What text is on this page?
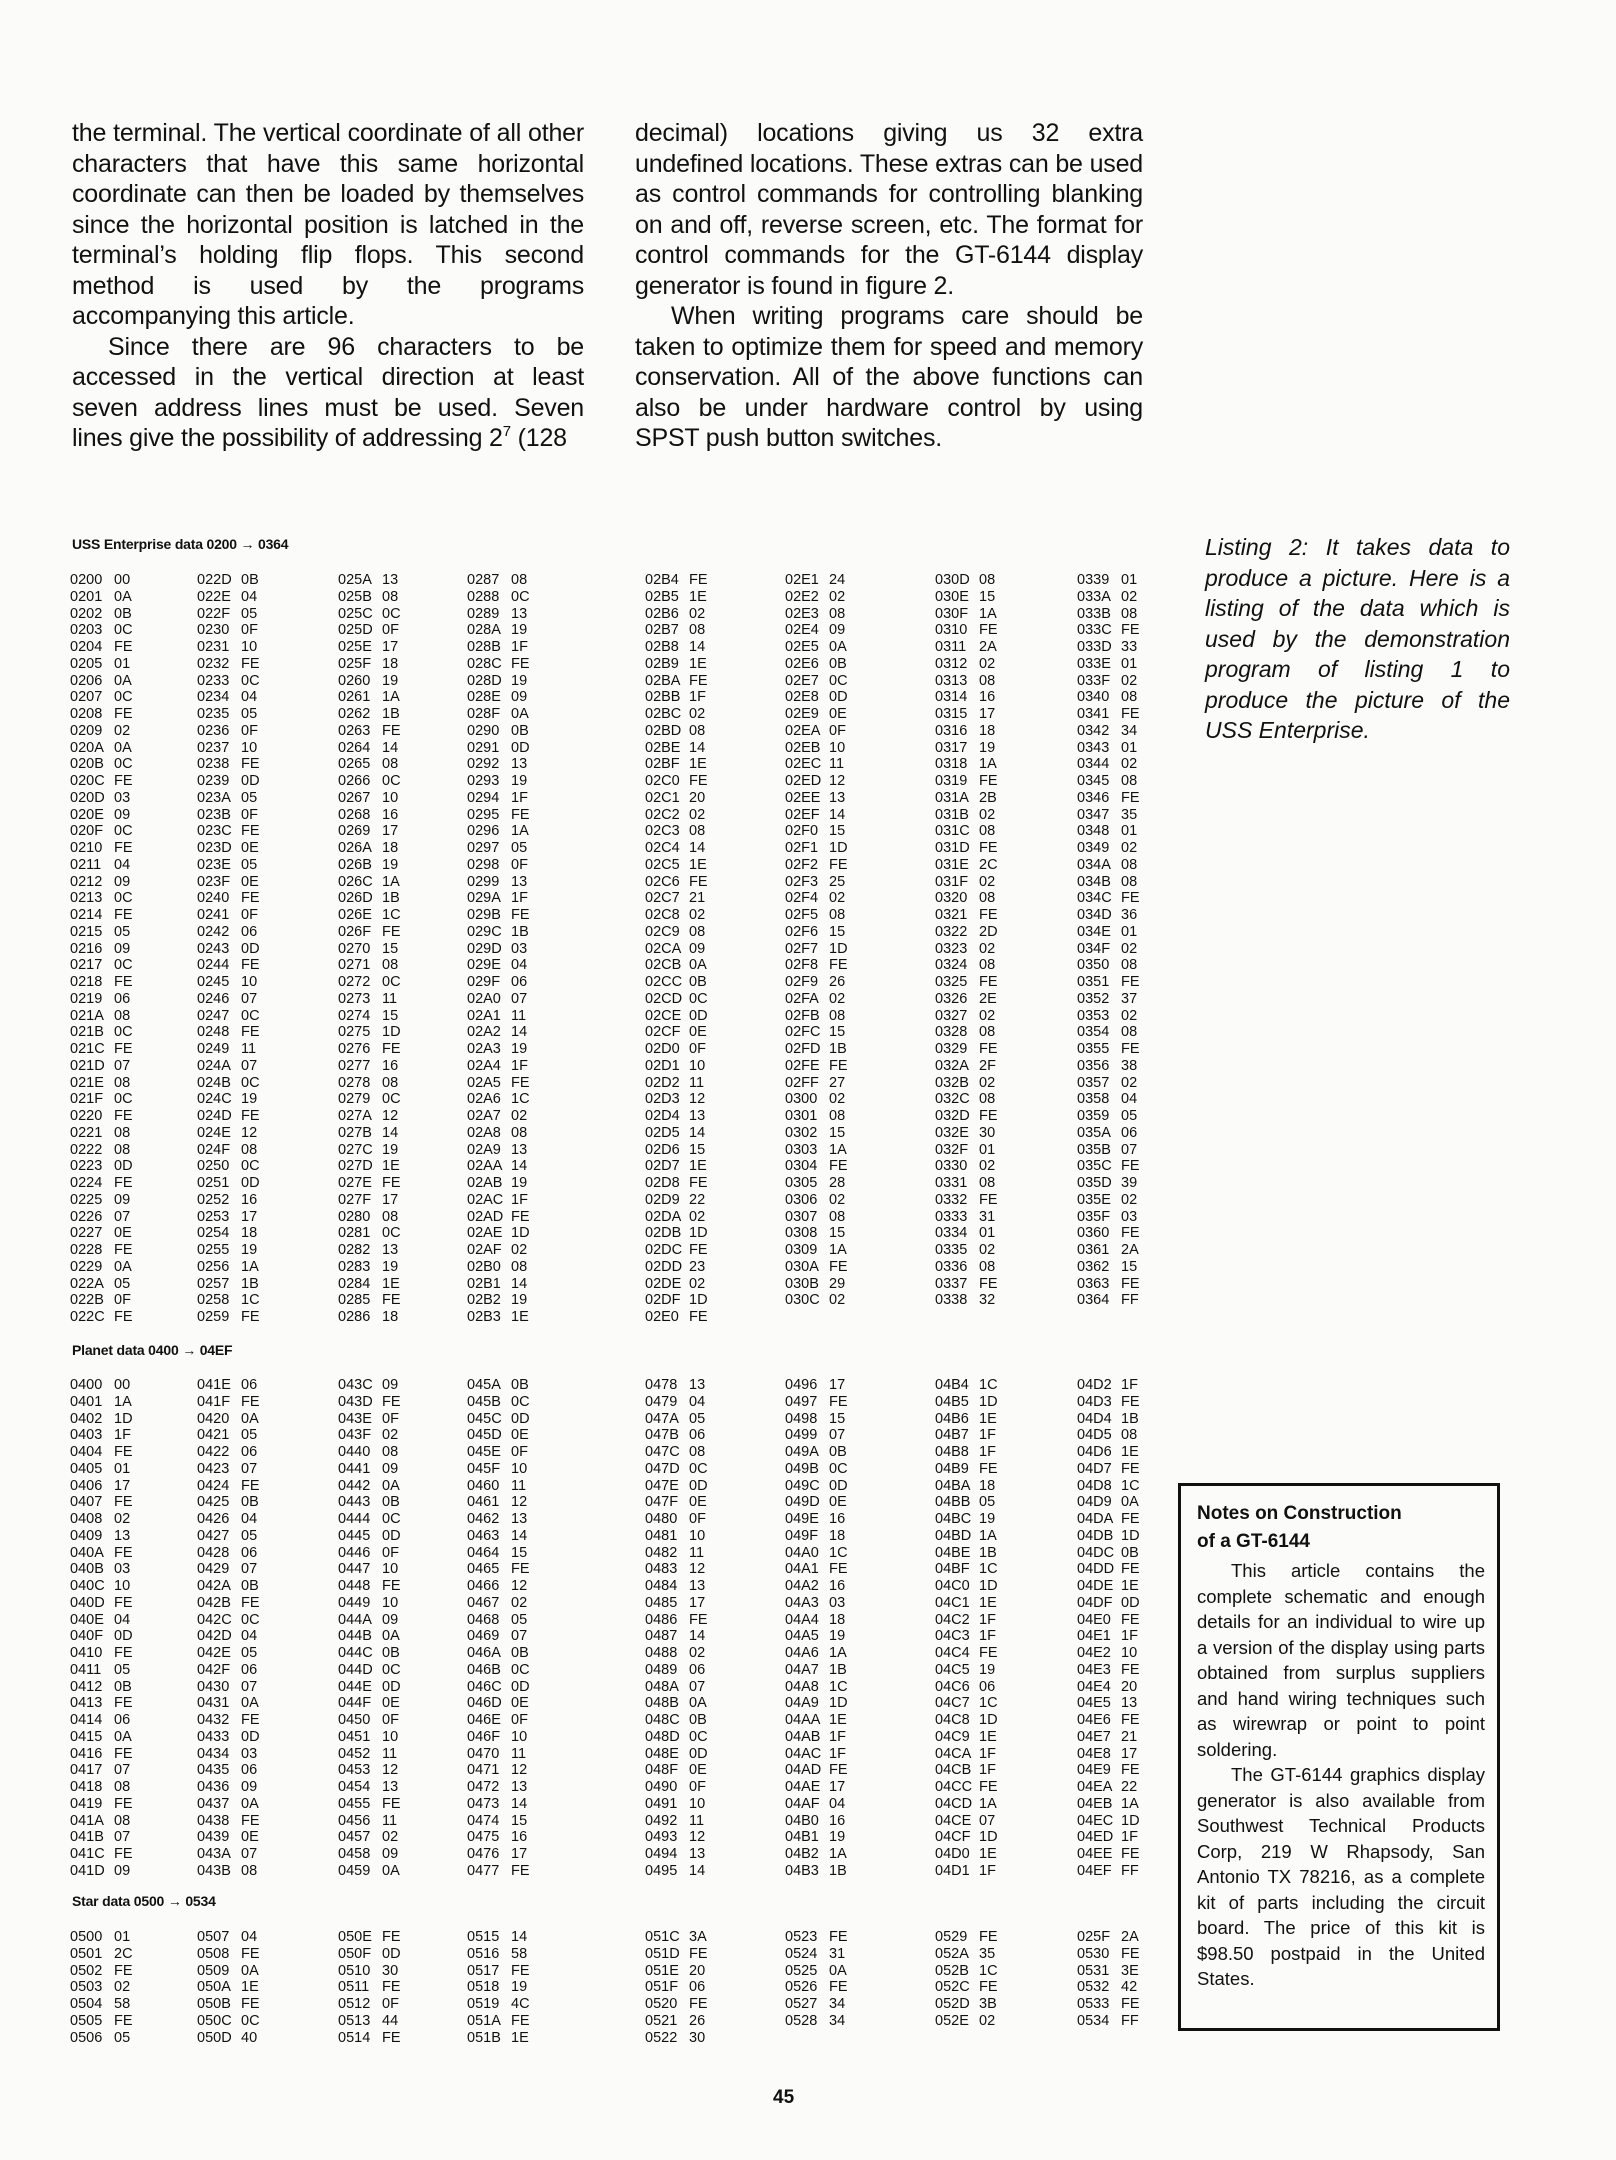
the terminal. The vertical coordinate of all other characters that have this same horizontal coordinate can then be loaded by themselves since the horizontal position is latched in the terminal’s holding flip flops. This second method is used by the programs accompanying this article.

Since there are 96 characters to be accessed in the vertical direction at least seven address lines must be used. Seven lines give the possibility of addressing $2^7$ (128

decimal) locations giving us 32 extra undefined locations. These extras can be used as control commands for controlling blanking on and off, reverse screen, etc. The format for control commands for the GT-6144 display generator is found in figure 2.

When writing programs care should be taken to optimize them for speed and memory conservation. All of the above functions can also be under hardware control by using SPST push button switches.

USS Enterprise data 0200 → 0364
0200 00
0201 0A
0202 0B
0203 0C
0204 FE
0205 01
0206 0A
0207 0C
0208 FE
0209 02
020A 0A
020B 0C
020C FE
020D 03
020E 09
020F 0C
0210 FE
0211 04
0212 09
0213 0C
0214 FE
0215 05
0216 09
0217 0C
0218 FE
0219 06
021A 08
021B 0C
021C FE
021D 07
021E 08
021F 0C
0220 FE
0221 08
0222 08
0223 0D
0224 FE
0225 09
0226 07
0227 0E
0228 FE
0229 0A
022A 05
022B 0F
022C FE
022D 0B
022E 04
022F 05
0230 0F
0231 10
0232 FE
0233 0C
0234 04
0235 05
0236 0F
0237 10
0238 FE
0239 0D
023A 05
023B 0F
023C FE
023D 0E
023E 05
023F 0E
0240 FE
0241 0F
0242 06
0243 0D
0244 FE
0245 10
0246 07
0247 0C
0248 FE
0249 11
024A 07
024B 0C
024C 19
024D FE
024E 12
024F 08
0250 0C
0251 0D
0252 16
0253 17
0254 18
0255 19
0256 1A
0257 1B
0258 1C
0259 FE
025A 13
025B 08
025C 0C
025D 0F
025E 17
025F 18
0260 19
0261 1A
0262 1B
0263 FE
0264 14
0265 08
0266 0C
0267 10
0268 16
0269 17
026A 18
026B 19
026C 1A
026D 1B
026E 1C
026F FE
0270 15
0271 08
0272 0C
0273 11
0274 15
0275 1D
0276 FE
0277 16
0278 08
0279 0C
027A 12
027B 14
027C 19
027D 1E
027E FE
027F 17
0280 08
0281 0C
0282 13
0283 19
0284 1E
0285 FE
0286 18
0287 08
0288 0C
0289 13
028A 19
028B 1F
028C FE
028D 19
028E 09
028F 0A
0290 0B
0291 0D
0292 13
0293 19
0294 1F
0295 FE
0296 1A
0297 05
0298 0F
0299 13
029A 1F
029B FE
029C 1B
029D 03
029E 04
029F 06
02A0 07
02A1 11
02A2 14
02A3 19
02A4 1F
02A5 FE
02A6 1C
02A7 02
02A8 08
02A9 13
02AA 14
02AB 19
02AC 1F
02AD FE
02AE 1D
02AF 02
02B0 08
02B1 14
02B2 19
02B3 1E
02B4 FE
02B5 1E
02B6 02
02B7 08
02B8 14
02B9 1E
02BA FE
02BB 1F
02BC 02
02BD 08
02BE 14
02BF 1E
02C0 FE
02C1 20
02C2 02
02C3 08
02C4 14
02C5 1E
02C6 FE
02C7 21
02C8 02
02C9 08
02CA 09
02CB 0A
02CC 0B
02CD 0C
02CE 0D
02CF 0E
02D0 0F
02D1 10
02D2 11
02D3 12
02D4 13
02D5 14
02D6 15
02D7 1E
02D8 FE
02D9 22
02DA 02
02DB 1D
02DC FE
02DD 23
02DE 02
02DF 1D
02E0 FE
02E1 24
02E2 02
02E3 08
02E4 09
02E5 0A
02E6 0B
02E7 0C
02E8 0D
02E9 0E
02EA 0F
02EB 10
02EC 11
02ED 12
02EE 13
02EF 14
02F0 15
02F1 1D
02F2 FE
02F3 25
02F4 02
02F5 08
02F6 15
02F7 1D
02F8 FE
02F9 26
02FA 02
02FB 08
02FC 15
02FD 1B
02FE FE
02FF 27
0300 02
0301 08
0302 15
0303 1A
0304 FE
0305 28
0306 02
0307 08
0308 15
0309 1A
030A FE
030B 29
030C 02
030D 08
030E 15
030F 1A
0310 FE
0311 2A
0312 02
0313 08
0314 16
0315 17
0316 18
0317 19
0318 1A
0319 FE
031A 2B
031B 02
031C 08
031D FE
031E 2C
031F 02
0320 08
0321 FE
0322 2D
0323 02
0324 08
0325 FE
0326 2E
0327 02
0328 08
0329 FE
032A 2F
032B 02
032C 08
032D FE
032E 30
032F 01
0330 02
0331 08
0332 FE
0333 31
0334 01
0335 02
0336 08
0337 FE
0338 32
0339 01
033A 02
033B 08
033C FE
033D 33
033E 01
033F 02
0340 08
0341 FE
0342 34
0343 01
0344 02
0345 08
0346 FE
0347 35
0348 01
0349 02
034A 08
034B 08
034C FE
034D 36
034E 01
034F 02
0350 08
0351 FE
0352 37
0353 02
0354 08
0355 FE
0356 38
0357 02
0358 04
0359 05
035A 06
035B 07
035C FE
035D 39
035E 02
035F 03
0360 FE
0361 2A
0362 15
0363 FE
0364 FF
Planet data 0400 → 04EF
0400 00
0401 1A
0402 1D
0403 1F
0404 FE
0405 01
0406 17
0407 FE
0408 02
0409 13
040A FE
040B 03
040C 10
040D FE
040E 04
040F 0D
0410 FE
0411 05
0412 0B
0413 FE
0414 06
0415 0A
0416 FE
0417 07
0418 08
0419 FE
041A 08
041B 07
041C FE
041D 09
041E 06
041F FE
0420 0A
0421 05
0422 06
0423 07
0424 FE
0425 0B
0426 04
0427 05
0428 06
0429 07
042A 0B
042B FE
042C 0C
042D 04
042E 05
042F 06
0430 07
0431 0A
0432 FE
0433 0D
0434 03
0435 06
0436 09
0437 0A
0438 FE
0439 0E
043A 07
043B 08
043C 09
043D FE
043E 0F
043F 02
0440 08
0441 09
0442 0A
0443 0B
0444 0C
0445 0D
0446 0F
0447 10
0448 FE
0449 10
044A 09
044B 0A
044C 0B
044D 0C
044E 0D
044F 0E
0450 0F
0451 10
0452 11
0453 12
0454 13
0455 FE
0456 11
0457 02
0458 09
0459 0A
045A 0B
045B 0C
045C 0D
045D 0E
045E 0F
045F 10
0460 11
0461 12
0462 13
0463 14
0464 15
0465 FE
0466 12
0467 02
0468 05
0469 07
046A 0B
046B 0C
046C 0D
046D 0E
046E 0F
046F 10
0470 11
0471 12
0472 13
0473 14
0474 15
0475 16
0476 17
0477 FE
0478 13
0479 04
047A 05
047B 06
047C 08
047D 0C
047E 0D
047F 0E
0480 0F
0481 10
0482 11
0483 12
0484 13
0485 17
0486 FE
0487 14
0488 02
0489 06
048A 07
048B 0A
048C 0B
048D 0C
048E 0D
048F 0E
0490 0F
0491 10
0492 11
0493 12
0494 13
0495 14
0496 17
0497 FE
0498 15
0499 07
049A 0B
049B 0C
049C 0D
049D 0E
049E 16
049F 18
04A0 1C
04A1 FE
04A2 16
04A3 03
04A4 18
04A5 19
04A6 1A
04A7 1B
04A8 1C
04A9 1D
04AA 1E
04AB 1F
04AC 1F
04AD FE
04AE 17
04AF 04
04B0 16
04B1 19
04B2 1A
04B3 1B
04B4 1C
04B5 1D
04B6 1E
04B7 1F
04B8 1F
04B9 FE
04BA 18
04BB 05
04BC 19
04BD 1A
04BE 1B
04BF 1C
04C0 1D
04C1 1E
04C2 1F
04C3 1F
04C4 FE
04C5 19
04C6 06
04C7 1C
04C8 1D
04C9 1E
04CA 1F
04CB 1F
04CC FE
04CD 1A
04CE 07
04CF 1D
04D0 1E
04D1 1F
04D2 1F
04D3 FE
04D4 1B
04D5 08
04D6 1E
04D7 FE
04D8 1C
04D9 0A
04DA FE
04DB 1D
04DC 0B
04DD FE
04DE 1E
04DF 0D
04E0 FE
04E1 1F
04E2 10
04E3 FE
04E4 20
04E5 13
04E6 FE
04E7 21
04E8 17
04E9 FE
04EA 22
04EB 1A
04EC 1D
04ED 1F
04EE FE
04EF FF
Star data 0500 → 0534
0500 01
0501 2C
0502 FE
0503 02
0504 58
0505 FE
0506 05
0507 04
0508 FE
0509 0A
050A 1E
050B FE
050C 0C
050D 40
050E FE
050F 0D
0510 30
0511 FE
0512 0F
0513 44
0514 FE
0515 14
0516 58
0517 FE
0518 19
0519 4C
051A FE
051B 1E
051C 3A
051D FE
051E 20
051F 06
0520 FE
0521 26
0522 30
0523 FE
0524 31
0525 0A
0526 FE
0527 34
0528 34
0529 FE
052A 35
052B 1C
052C FE
052D 3B
052E 02
025F 2A
0530 FE
0531 3E
0532 42
0533 FE
0534 FF
Listing 2: It takes data to produce a picture. Here is a listing of the data which is used by the demonstration program of listing 1 to produce the picture of the USS Enterprise.
Notes on Construction
of a GT-6144

This article contains the complete schematic and enough details for an individual to wire up a version of the display using parts obtained from surplus suppliers and hand wiring techniques such as wirewrap or point to point soldering.

The GT-6144 graphics display generator is also available from Southwest Technical Products Corp, 219 W Rhapsody, San Antonio TX 78216, as a complete kit of parts including the circuit board. The price of this kit is $98.50 postpaid in the United States.

45
